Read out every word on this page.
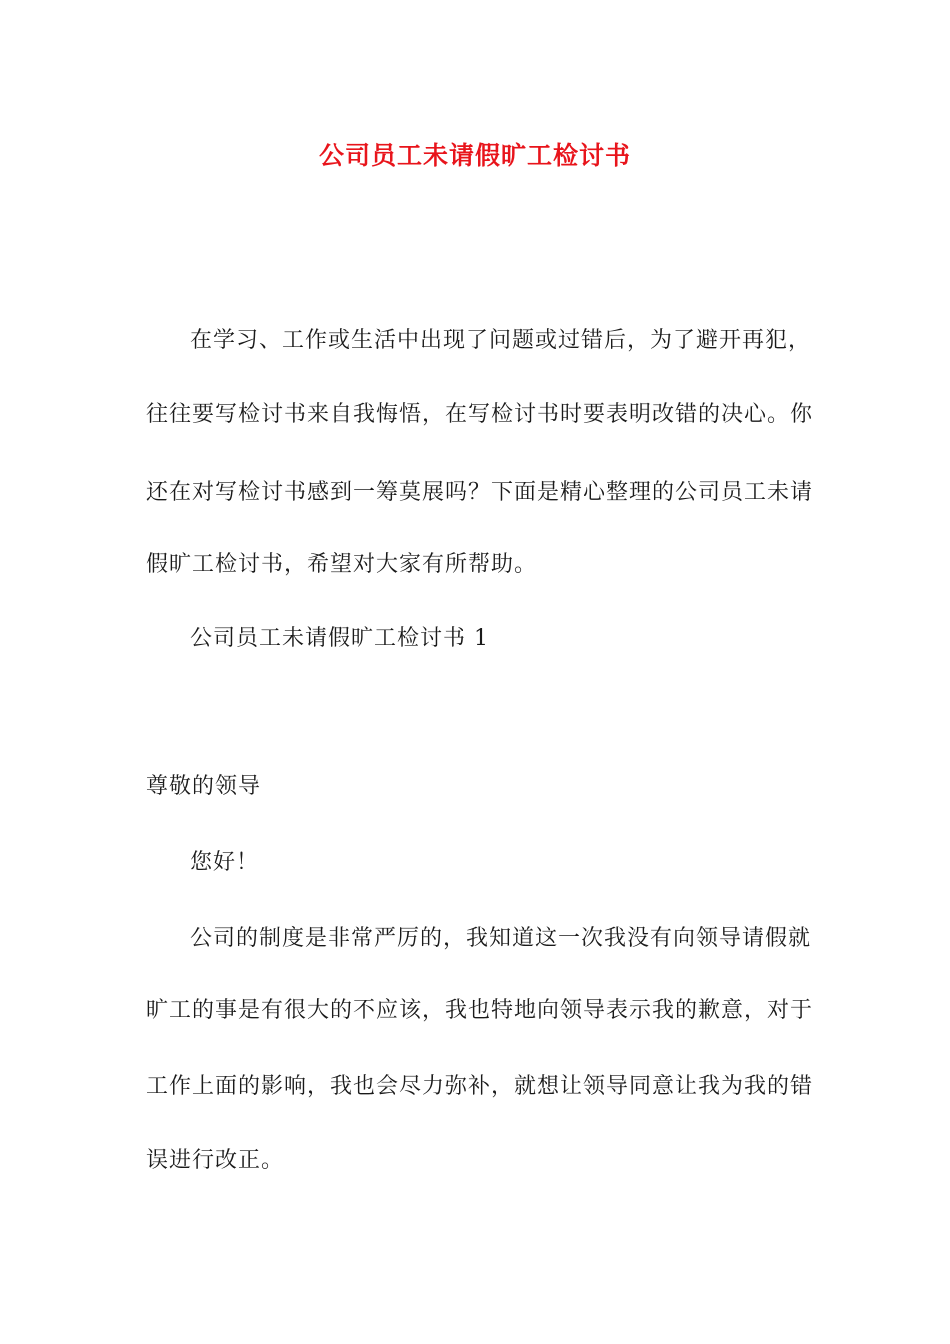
公司员工未请假旷工检讨书
在学习、工作或生活中出现了问题或过错后，为了避开再犯，
往往要写检讨书来自我悔悟，在写检讨书时要表明改错的决心。你
还在对写检讨书感到一筹莫展吗？下面是精心整理的公司员工未请
假旷工检讨书，希望对大家有所帮助。
公司员工未请假旷工检讨书 1
尊敬的领导
您好！
公司的制度是非常严厉的，我知道这一次我没有向领导请假就
旷工的事是有很大的不应该，我也特地向领导表示我的歉意，对于
工作上面的影响，我也会尽力弥补，就想让领导同意让我为我的错
误进行改正。
